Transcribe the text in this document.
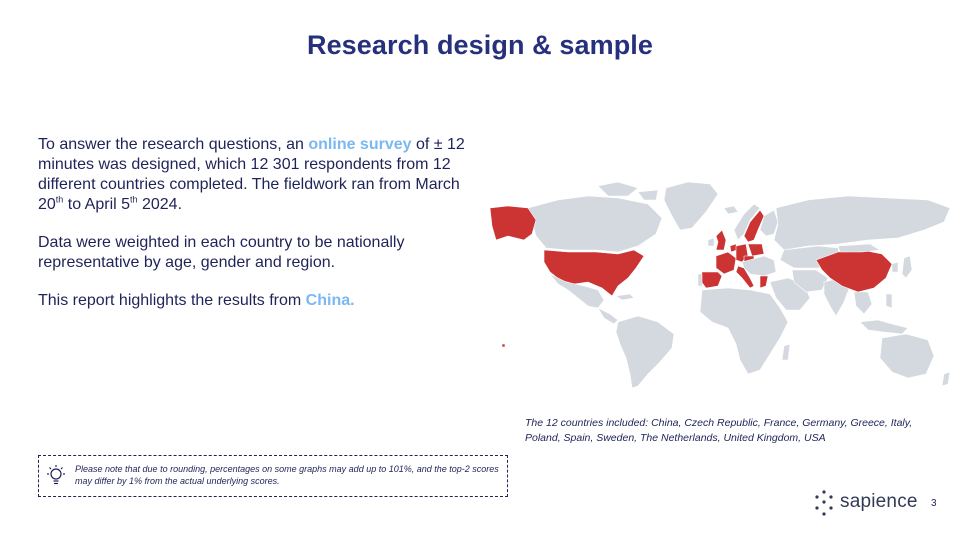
Research design & sample

To answer the research questions, an online survey of ± 12 minutes was designed, which 12 301 respondents from 12 different countries completed. The fieldwork ran from March 20th to April 5th 2024.

Data were weighted in each country to be nationally representative by age, gender and region.

This report highlights the results from China.

The 12 countries included: China, Czech Republic, France, Germany, Greece, Italy, Poland, Spain, Sweden, The Netherlands, United Kingdom, USA
Please note that due to rounding, percentages on some graphs may add up to 101%, and the top-2 scores may differ by 1% from the actual underlying scores.
sapience 3
